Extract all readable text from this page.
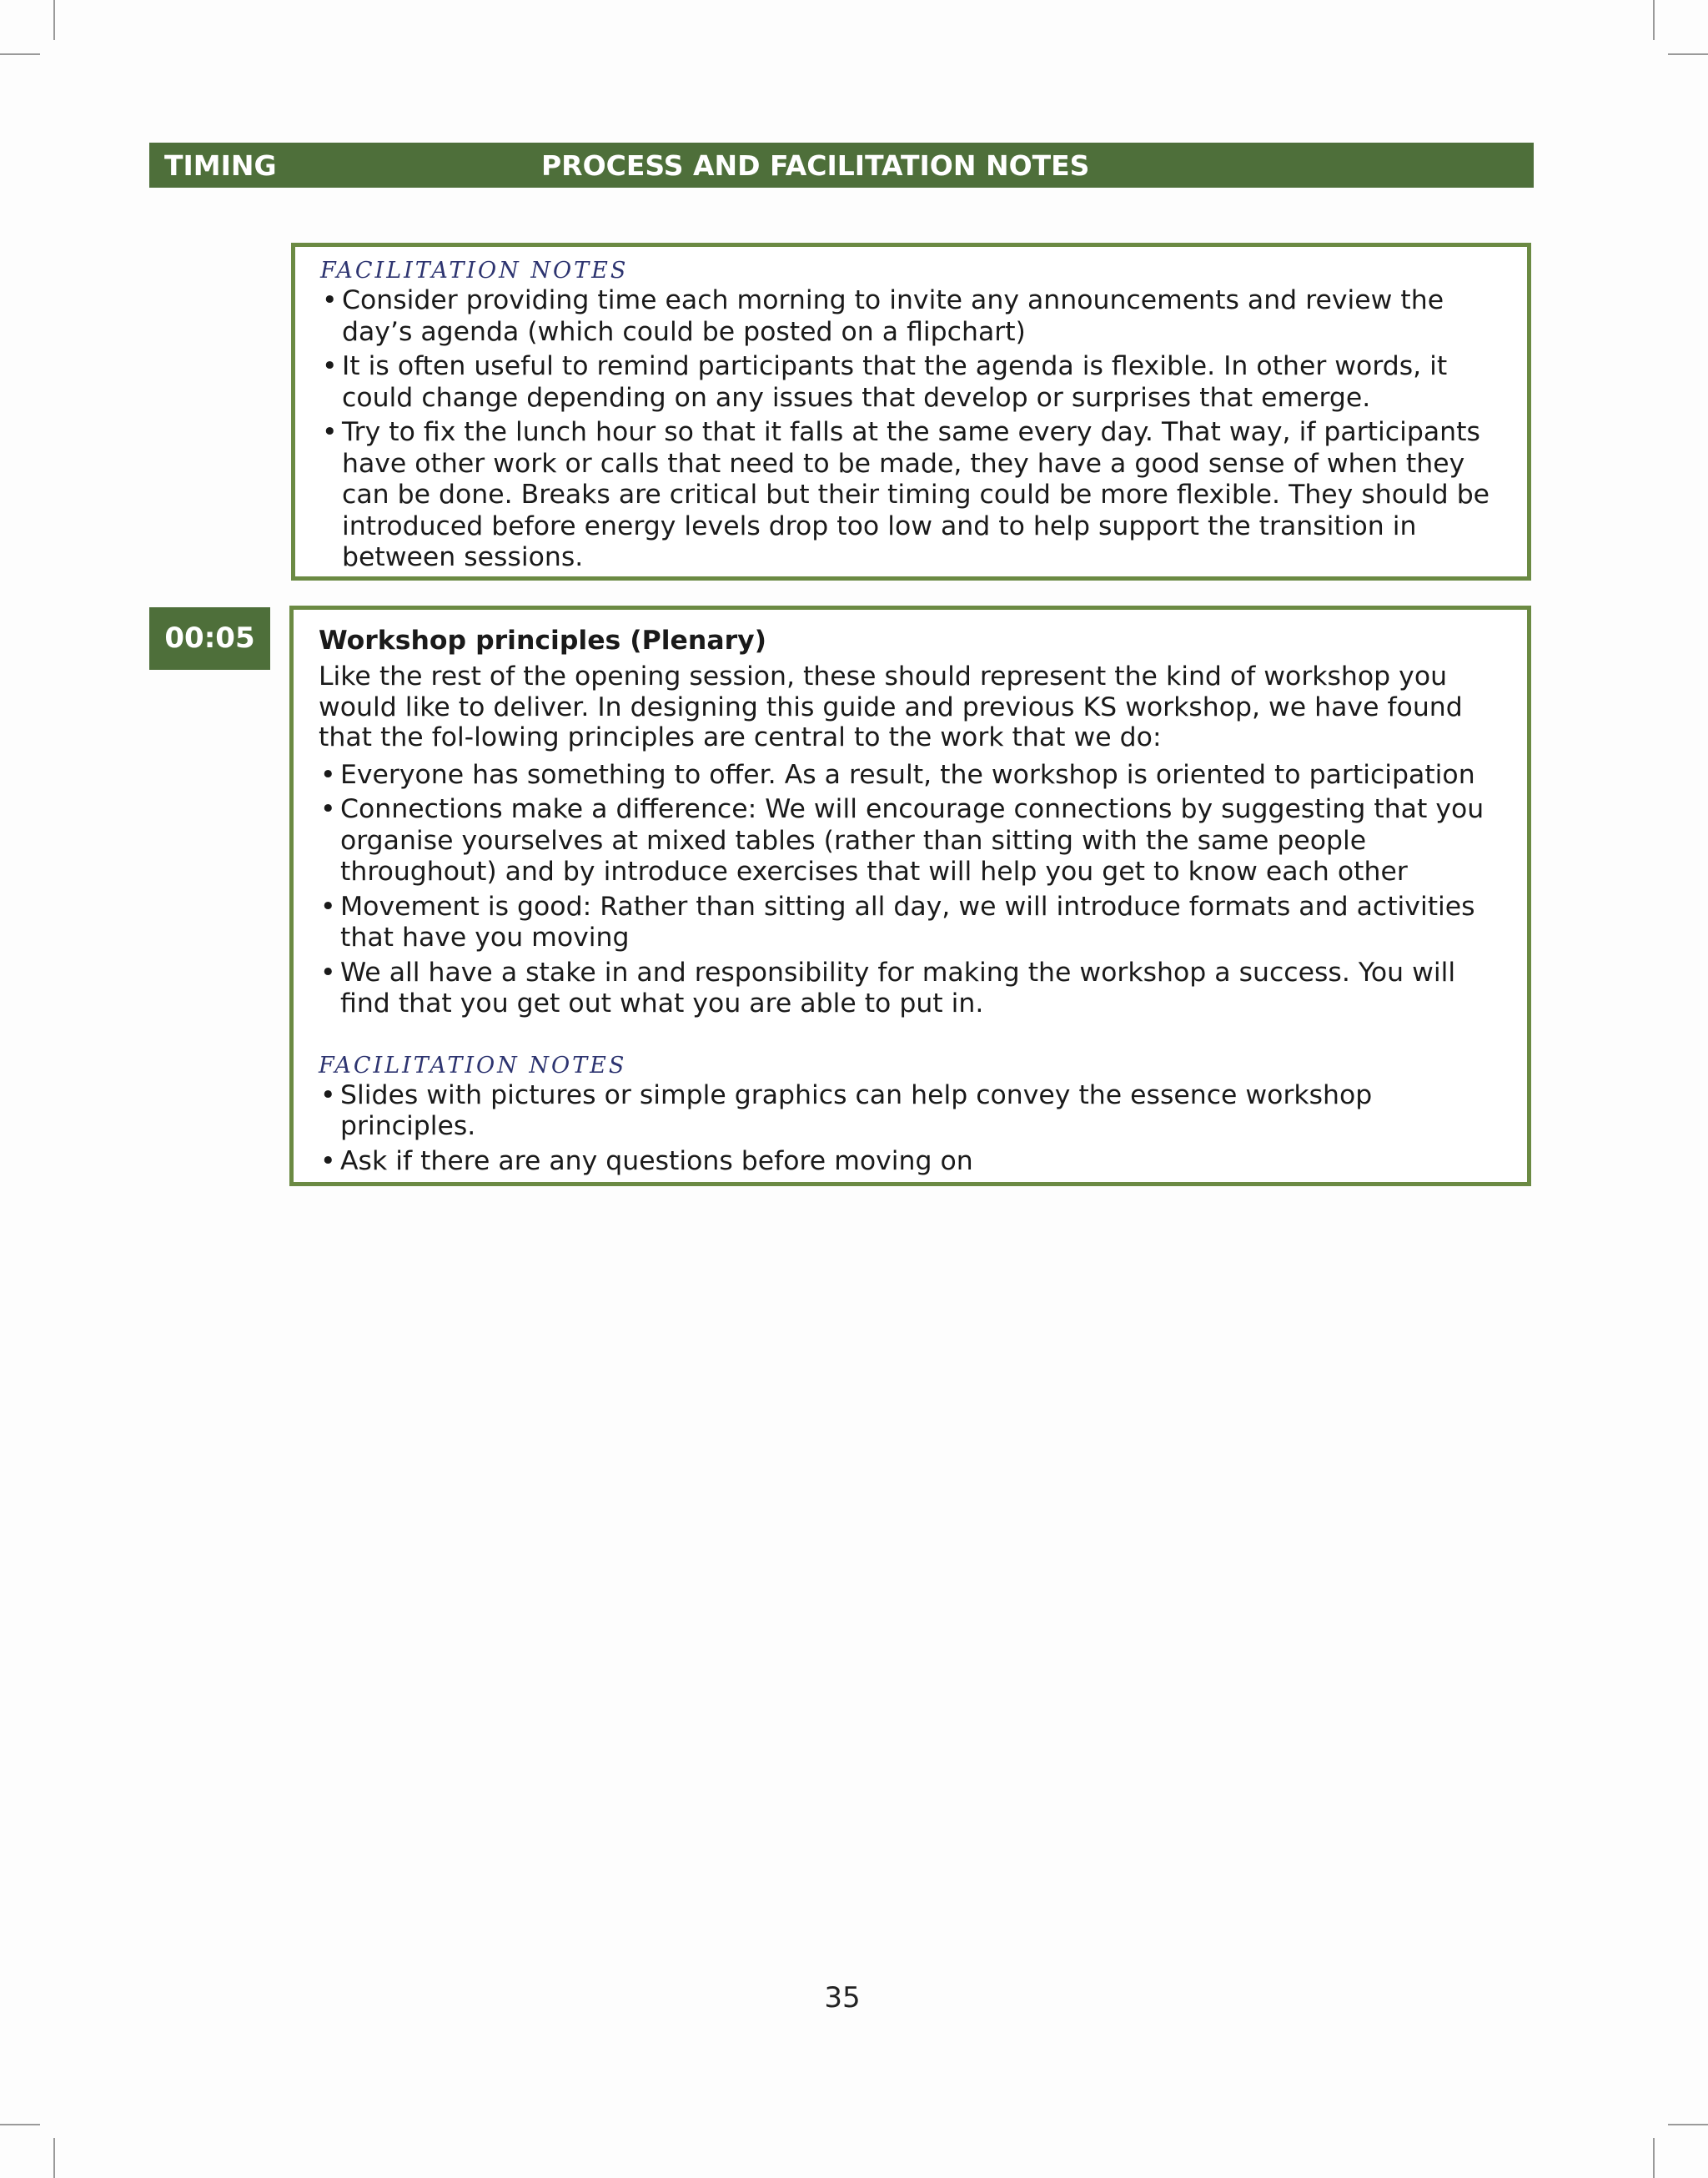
TIMING	PROCESS AND FACILITATION NOTES

FACILITATION NOTES

• Consider providing time each morning to invite any announcements and review the day’s agenda (which could be posted on a flipchart)
• It is often useful to remind participants that the agenda is flexible. In other words, it could change depending on any issues that develop or surprises that emerge.
• Try to fix the lunch hour so that it falls at the same every day. That way, if participants have other work or calls that need to be made, they have a good sense of when they can be done. Breaks are critical but their timing could be more flexible. They should be introduced before energy levels drop too low and to help support the transition in between sessions.
00:05	Workshop principles (Plenary)

Like the rest of the opening session, these should represent the kind of workshop you would like to deliver. In designing this guide and previous KS workshop, we have found that the fol-lowing principles are central to the work that we do:

• Everyone has something to offer. As a result, the workshop is oriented to participation
• Connections make a difference: We will encourage connections by suggesting that you organise yourselves at mixed tables (rather than sitting with the same people throughout) and by introduce exercises that will help you get to know each other
• Movement is good: Rather than sitting all day, we will introduce formats and activities that have you moving
• We all have a stake in and responsibility for making the workshop a success. You will find that you get out what you are able to put in.

FACILITATION NOTES

• Slides with pictures or simple graphics can help convey the essence workshop principles.
• Ask if there are any questions before moving on
35
